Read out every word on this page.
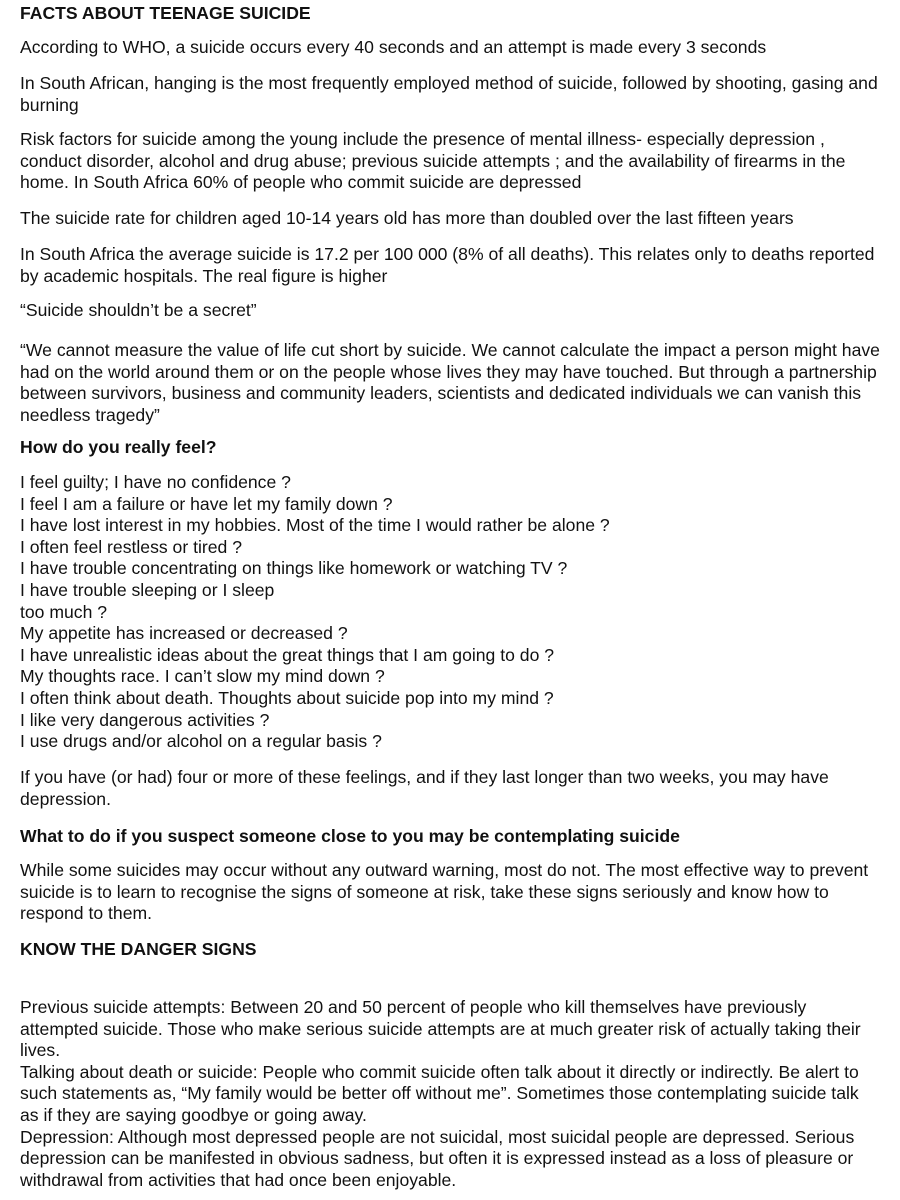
FACTS ABOUT TEENAGE SUICIDE

According to WHO, a suicide occurs every 40 seconds and an attempt is made every 3 seconds

In South African, hanging is the most frequently employed method of suicide, followed by shooting, gasing and burning

Risk factors for suicide among the young include the presence of mental illness- especially depression , conduct disorder, alcohol and drug abuse; previous suicide attempts ; and the availability of firearms in the home. In South Africa 60% of people who commit suicide are depressed

The suicide rate for children aged 10-14 years old has more than doubled over the last fifteen years

In South Africa the average suicide is 17.2 per 100 000 (8% of all deaths). This relates only to deaths reported by academic hospitals. The real figure is higher

“Suicide shouldn’t be a secret”

“We cannot measure the value of life cut short by suicide. We cannot calculate the impact a person might have had on the world around them or on the people whose lives they may have touched. But through a partnership between survivors, business and community leaders, scientists and dedicated individuals we can vanish this needless tragedy”

How do you really feel?
I feel guilty; I have no confidence ?
I feel I am a failure or have let my family down ?
I have lost interest in my hobbies. Most of the time I would rather be alone ?
I often feel restless or tired ?
I have trouble concentrating on things like homework or watching TV ?
I have trouble sleeping or I sleep
too much ?
My appetite has increased or decreased ?
I have unrealistic ideas about the great things that I am going to do ?
My thoughts race. I can’t slow my mind down ?
I often think about death. Thoughts about suicide pop into my mind ?
I like very dangerous activities ?
I use drugs and/or alcohol on a regular basis ?

If you have (or had) four or more of these feelings, and if they last longer than two weeks, you may have depression.

What to do if you suspect someone close to you may be contemplating suicide

While some suicides may occur without any outward warning, most do not. The most effective way to prevent suicide is to learn to recognise the signs of someone at risk, take these signs seriously and know how to respond to them.

KNOW THE DANGER SIGNS

Previous suicide attempts: Between 20 and 50 percent of people who kill themselves have previously attempted suicide. Those who make serious suicide attempts are at much greater risk of actually taking their lives.

Talking about death or suicide: People who commit suicide often talk about it directly or indirectly. Be alert to such statements as, “My family would be better off without me”. Sometimes those contemplating suicide talk as if they are saying goodbye or going away.

Depression: Although most depressed people are not suicidal, most suicidal people are depressed. Serious depression can be manifested in obvious sadness, but often it is expressed instead as a loss of pleasure or withdrawal from activities that had once been enjoyable.
